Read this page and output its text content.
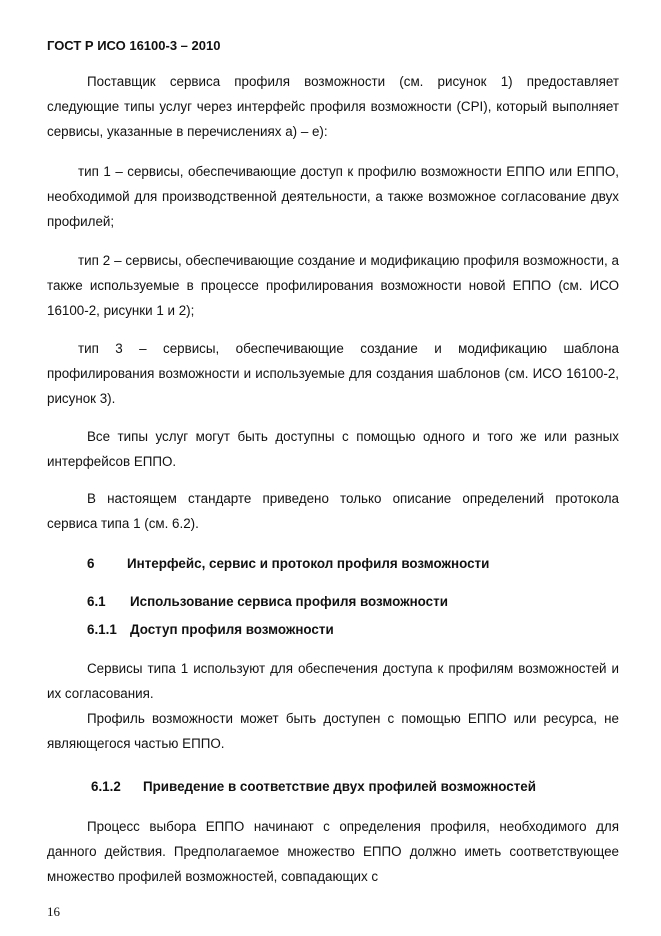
ГОСТ Р ИСО 16100-3 – 2010

Поставщик сервиса профиля возможности (см. рисунок 1) предоставляет следующие типы услуг через интерфейс профиля возможности (CPI), который выполняет сервисы, указанные в перечислениях а) – е):

тип 1 – сервисы, обеспечивающие доступ к профилю возможности ЕППО или ЕППО, необходимой для производственной деятельности, а также возможное согласование двух профилей;

тип 2 – сервисы, обеспечивающие создание и модификацию профиля возможности, а также используемые в процессе профилирования возможности новой ЕППО (см. ИСО 16100-2, рисунки 1 и 2);

тип 3 – сервисы, обеспечивающие создание и модификацию шаблона профилирования возможности и используемые для создания шаблонов (см. ИСО 16100-2, рисунок 3).

Все типы услуг могут быть доступны с помощью одного и того же или разных интерфейсов ЕППО.

В настоящем стандарте приведено только описание определений протокола сервиса типа 1 (см. 6.2).

6 Интерфейс, сервис и протокол профиля возможности
6.1 Использование сервиса профиля возможности
6.1.1 Доступ профиля возможности

Сервисы типа 1 используют для обеспечения доступа к профилям возможностей и их согласования.

Профиль возможности может быть доступен с помощью ЕППО или ресурса, не являющегося частью ЕППО.

6.1.2 Приведение в соответствие двух профилей возможностей

Процесс выбора ЕППО начинают с определения профиля, необходимого для данного действия. Предполагаемое множество ЕППО должно иметь соответствующее множество профилей возможностей, совпадающих с

16
